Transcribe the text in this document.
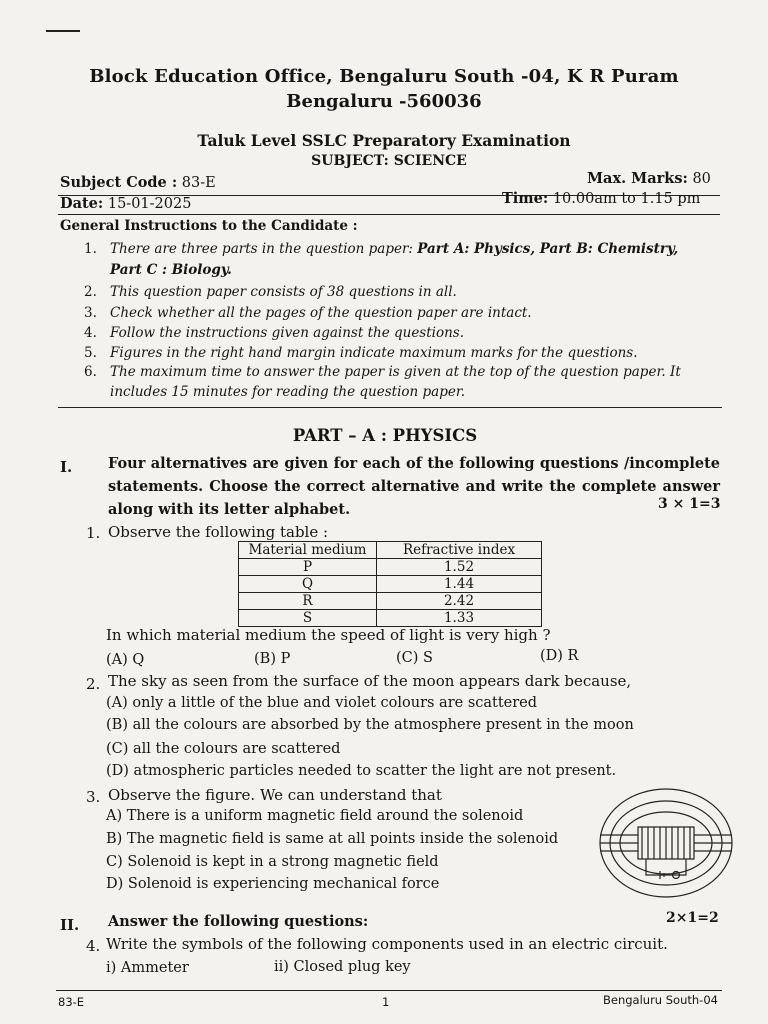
Block Education Office, Bengaluru South -04, K R Puram
Bengaluru -560036
Taluk Level SSLC Preparatory Examination
SUBJECT: SCIENCE
Subject Code : 83-E	Max. Marks: 80
Date: 15-01-2025	Time: 10.00am to 1.15 pm
General Instructions to the Candidate :
1. There are three parts in the question paper: Part A: Physics, Part B: Chemistry,
Part C : Biology.
2. This question paper consists of 38 questions in all.
3. Check whether all the pages of the question paper are intact.
4. Follow the instructions given against the questions.
5. Figures in the right hand margin indicate maximum marks for the questions.
6. The maximum time to answer the paper is given at the top of the question paper. It
includes 15 minutes for reading the question paper.
PART – A : PHYSICS
I. Four alternatives are given for each of the following questions /incomplete statements. Choose the correct alternative and write the complete answer along with its letter alphabet.	3 × 1=3
1. Observe the following table :
Material medium	Refractive index
P	1.52
Q	1.44
R	2.42
S	1.33
In which material medium the speed of light is very high ?
(A) Q	(B) P	(C) S	(D) R
2. The sky as seen from the surface of the moon appears dark because,
(A) only a little of the blue and violet colours are scattered
(B) all the colours are absorbed by the atmosphere present in the moon
(C) all the colours are scattered
(D) atmospheric particles needed to scatter the light are not present.
3. Observe the figure. We can understand that
A) There is a uniform magnetic field around the solenoid
B) The magnetic field is same at all points inside the solenoid
C) Solenoid is kept in a strong magnetic field
D) Solenoid is experiencing mechanical force
II. Answer the following questions:	2×1=2
4. Write the symbols of the following components used in an electric circuit.
i) Ammeter	ii) Closed plug key
83-E	1	Bengaluru South-04
